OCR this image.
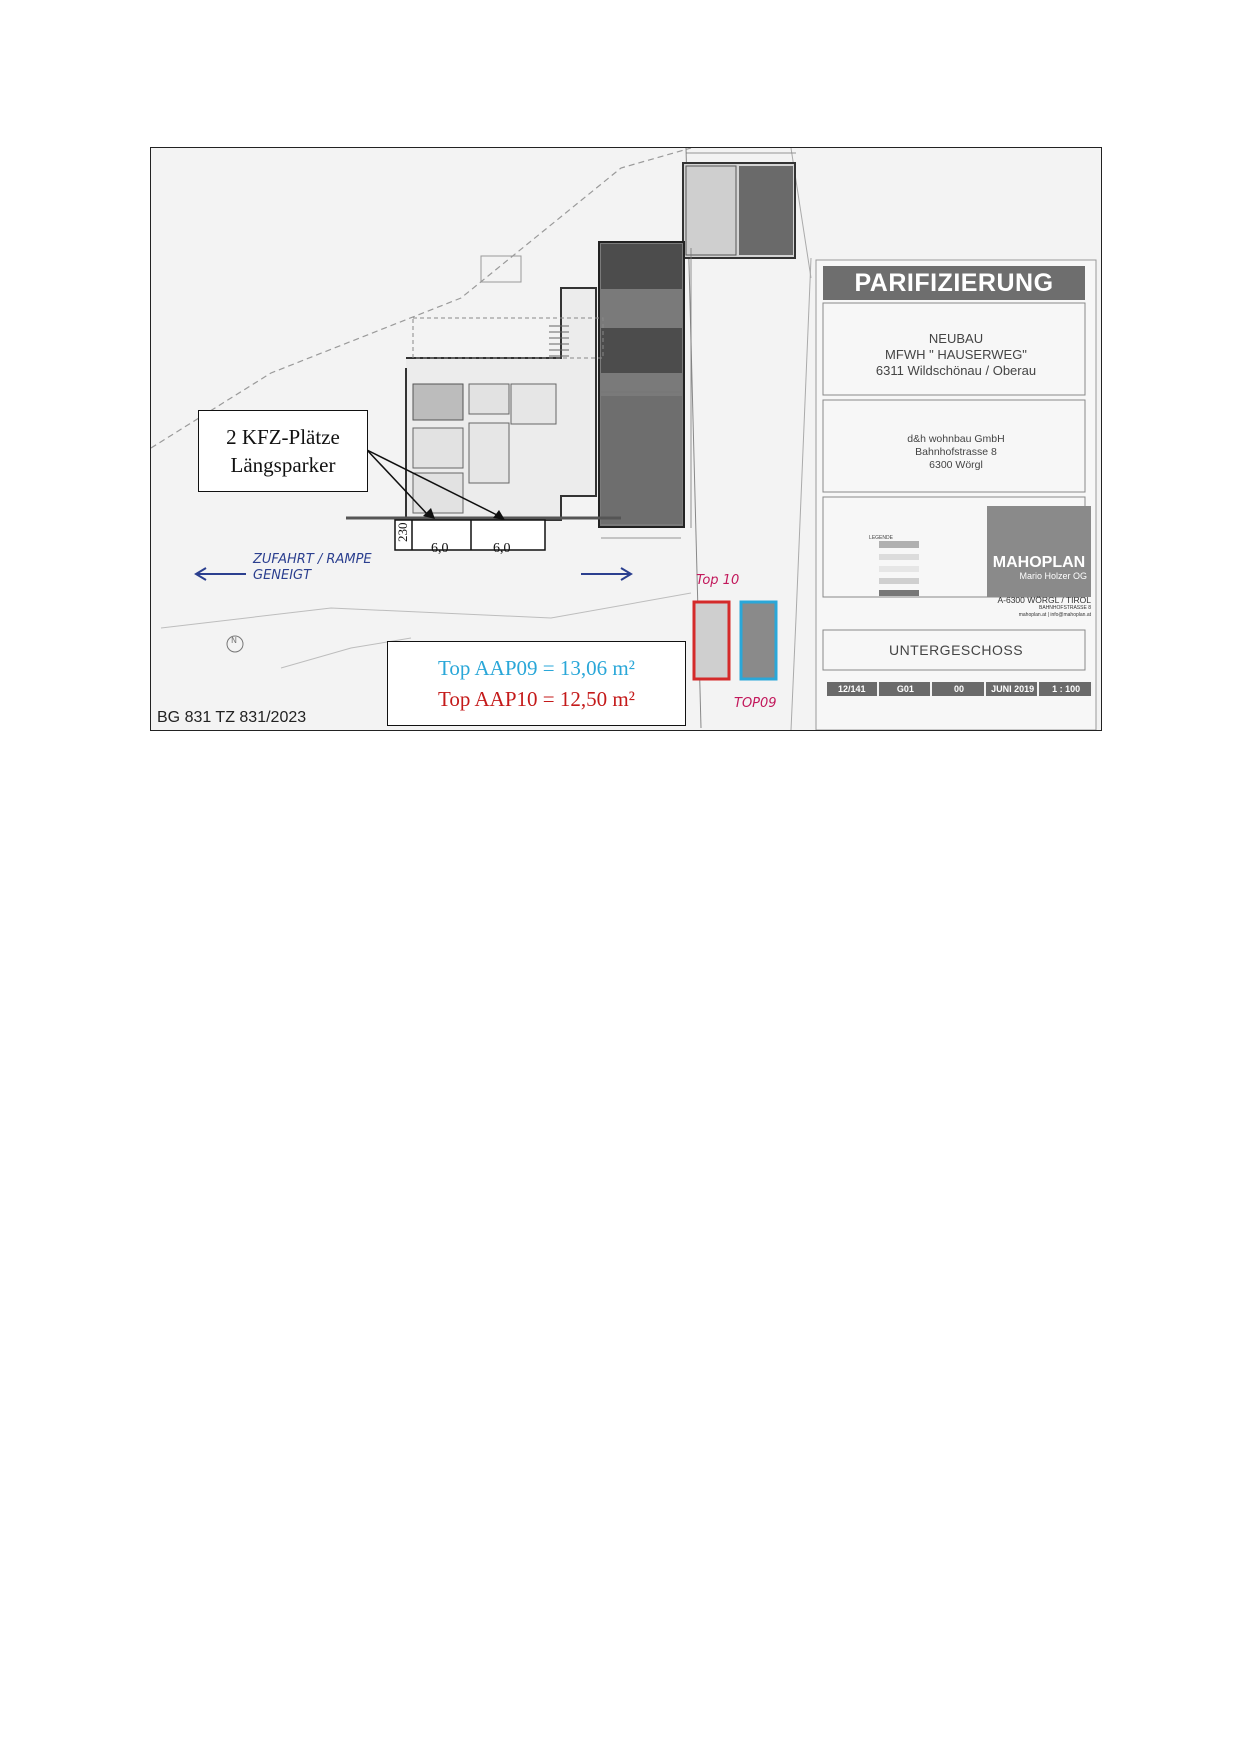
PARIFIZIERUNG
NEUBAU
MFWH " HAUSERWEG"
6311 Wildschönau / Oberau
d&h wohnbau GmbH
Bahnhofstrasse 8
6300 Wörgl
LEGENDE
MAHOPLAN
Mario Holzer OG
A-6300 WÖRGL / TIROL
BAHNHOFSTRASSE 8
mahoplan.at | info@mahoplan.at
UNTERGESCHOSS
12/141	G01	00	JUNI 2019	1 : 100
230
6,0	6,0
ZUFAHRT / RAMPE
GENEIGT	Top 10
TOP09
N
BG 831 TZ 831/2023
2 KFZ-Plätze
Längsparker
Top AAP09 = 13,06 m²
Top AAP10 = 12,50 m²
